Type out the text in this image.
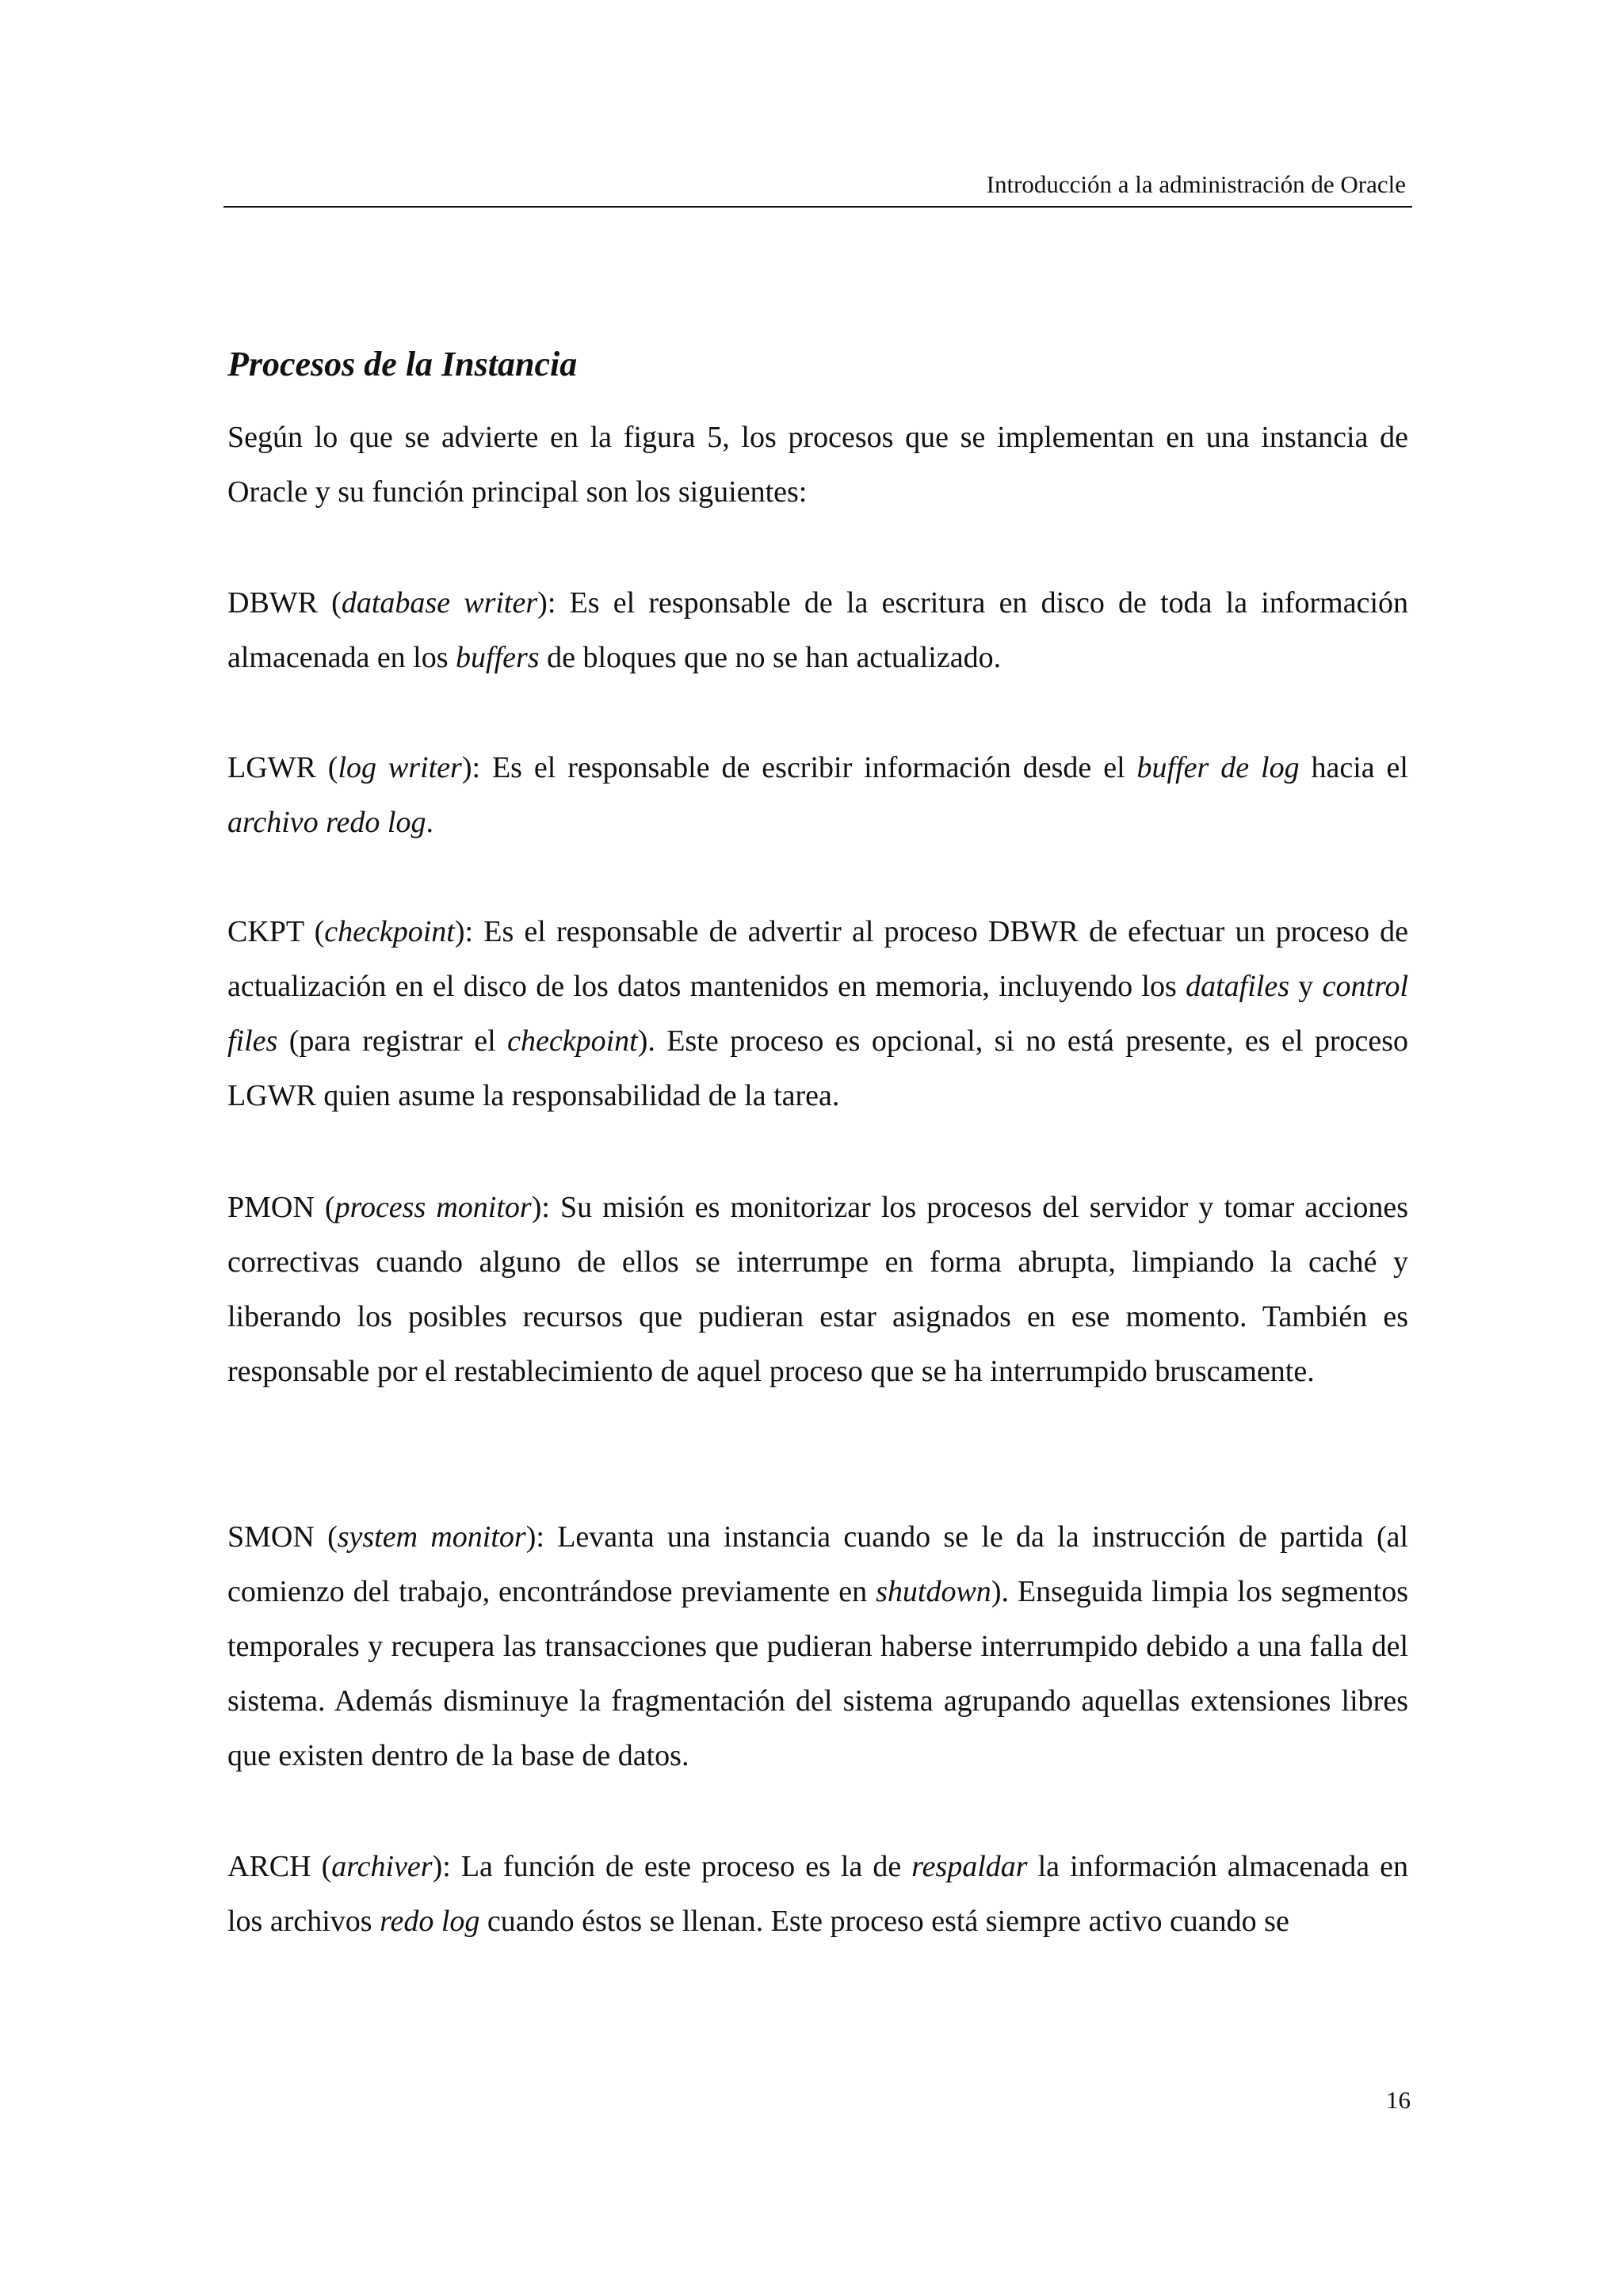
Introducción a la administración de Oracle
Procesos de la Instancia

Según lo que se advierte en la figura 5, los procesos que se implementan en una instancia de Oracle y su función principal son los siguientes:

DBWR (database writer): Es el responsable de la escritura en disco de toda la información almacenada en los buffers de bloques que no se han actualizado.

LGWR (log writer): Es el responsable de escribir información desde el buffer de log hacia el archivo redo log.

CKPT (checkpoint): Es el responsable de advertir al proceso DBWR de efectuar un proceso de actualización en el disco de los datos mantenidos en memoria, incluyendo los datafiles y control files (para registrar el checkpoint). Este proceso es opcional, si no está presente, es el proceso LGWR quien asume la responsabilidad de la tarea.

PMON (process monitor): Su misión es monitorizar los procesos del servidor y tomar acciones correctivas cuando alguno de ellos se interrumpe en forma abrupta, limpiando la caché y liberando los posibles recursos que pudieran estar asignados en ese momento. También es responsable por el restablecimiento de aquel proceso que se ha interrumpido bruscamente.

SMON (system monitor): Levanta una instancia cuando se le da la instrucción de partida (al comienzo del trabajo, encontrándose previamente en shutdown). Enseguida limpia los segmentos temporales y recupera las transacciones que pudieran haberse interrumpido debido a una falla del sistema. Además disminuye la fragmentación del sistema agrupando aquellas extensiones libres que existen dentro de la base de datos.

ARCH (archiver): La función de este proceso es la de respaldar la información almacenada en los archivos redo log cuando éstos se llenan. Este proceso está siempre activo cuando se

16
